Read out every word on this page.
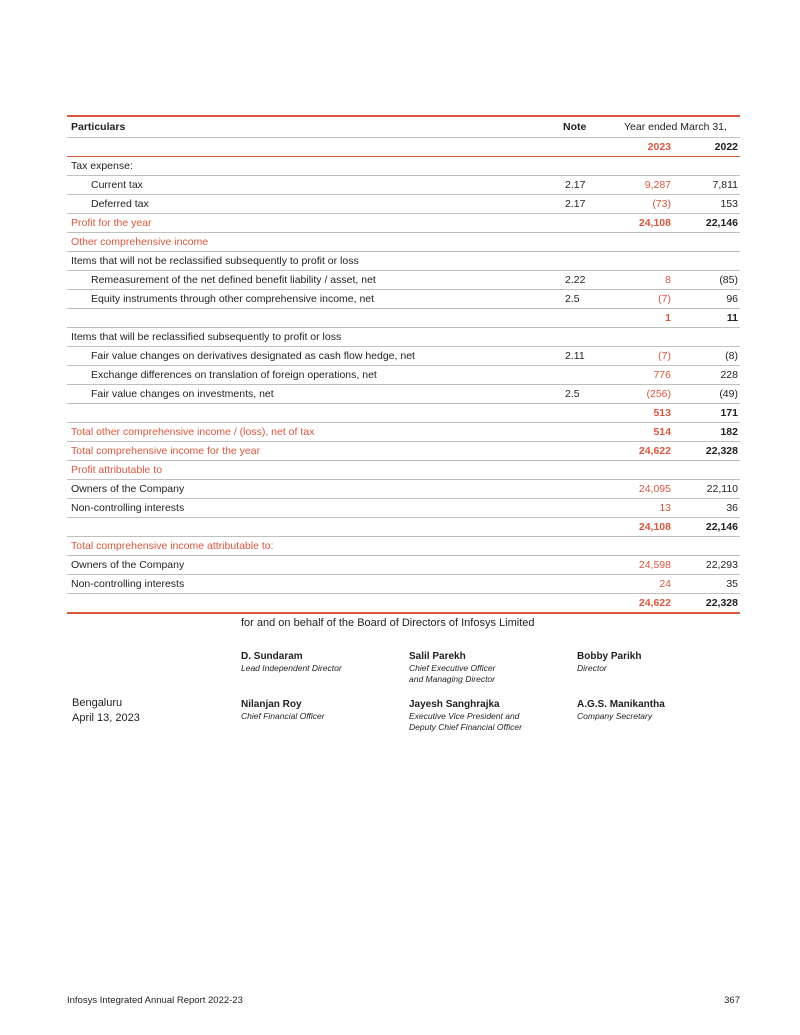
Particulars	Note	Year ended March 31,
2023	2022
Tax expense:
Current tax	2.17	9,287	7,811
Deferred tax	2.17	(73)	153
Profit for the year	24,108	22,146
Other comprehensive income
Items that will not be reclassified subsequently to profit or loss
Remeasurement of the net defined benefit liability / asset, net	2.22	8	(85)
Equity instruments through other comprehensive income, net	2.5	(7)	96
1	11
Items that will be reclassified subsequently to profit or loss
Fair value changes on derivatives designated as cash flow hedge, net	2.11	(7)	(8)
Exchange differences on translation of foreign operations, net	776	228
Fair value changes on investments, net	2.5	(256)	(49)
513	171
Total other comprehensive income / (loss), net of tax	514	182
Total comprehensive income for the year	24,622	22,328
Profit attributable to
Owners of the Company	24,095	22,110
Non-controlling interests	13	36
24,108	22,146
Total comprehensive income attributable to:
Owners of the Company	24,598	22,293
Non-controlling interests	24	35
24,622	22,328
for and on behalf of the Board of Directors of Infosys Limited
D. Sundaram
Lead Independent Director
Salil Parekh
Chief Executive Officer
and Managing Director
Bobby Parikh
Director
Bengaluru
April 13, 2023
Nilanjan Roy
Chief Financial Officer
Jayesh Sanghrajka
Executive Vice President and
Deputy Chief Financial Officer
A.G.S. Manikantha
Company Secretary
Infosys Integrated Annual Report 2022-23	367
